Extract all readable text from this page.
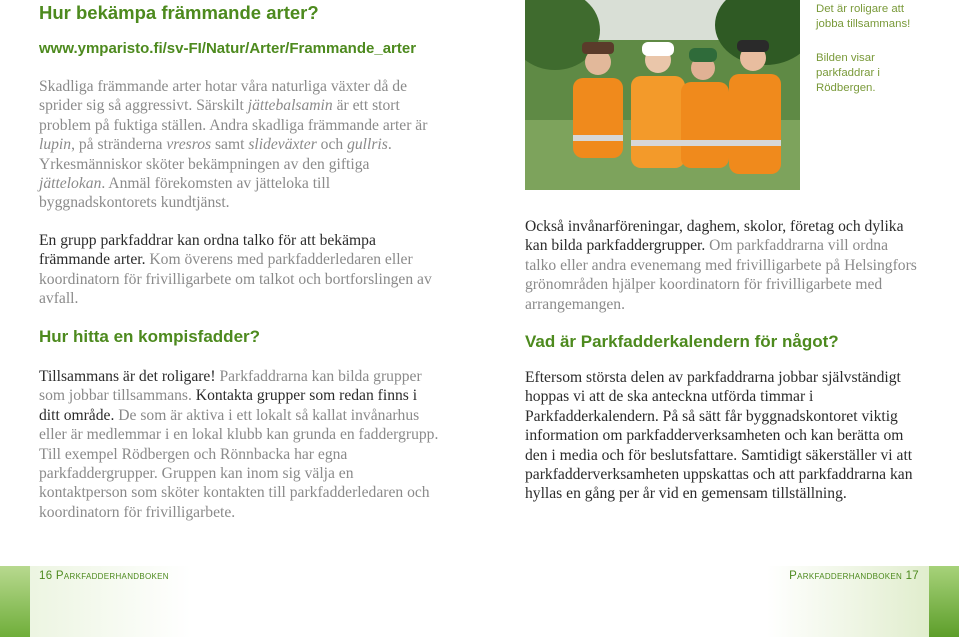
Hur bekämpa främmande arter?
www.ymparisto.fi/sv-FI/Natur/Arter/Frammande_arter

Skadliga främmande arter hotar våra naturliga växter då de sprider sig så aggressivt. Särskilt jättebalsamin är ett stort problem på fuktiga ställen. Andra skadliga främmande arter är lupin, på stränderna vresros samt slideväxter och gullris. Yrkesmänniskor sköter bekämpningen av den giftiga jättelokan. Anmäl förekomsten av jätteloka till byggnadskontorets kundtjänst.

En grupp parkfaddrar kan ordna talko för att bekämpa främmande arter. Kom överens med parkfadderledaren eller koordinatorn för frivilligarbete om talkot och bortforslingen av avfall.

Hur hitta en kompisfadder?

Tillsammans är det roligare! Parkfaddrarna kan bilda grupper som jobbar tillsammans. Kontakta grupper som redan finns i ditt område. De som är aktiva i ett lokalt så kallat invånarhus eller är medlemmar i en lokal klubb kan grunda en faddergrupp. Till exempel Rödbergen och Rönnbacka har egna parkfaddergrupper. Gruppen kan inom sig välja en kontaktperson som sköter kontakten till parkfadderledaren och koordinatorn för frivilligarbete.

Det är roligare att jobba tillsammans!

Bilden visar parkfaddrar i Rödbergen.

Också invånarföreningar, daghem, skolor, företag och dylika kan bilda parkfaddergrupper. Om parkfaddrarna vill ordna talko eller andra evenemang med frivilligarbete på Helsingfors grönområden hjälper koordinatorn för frivilligarbete med arrangemangen.

Vad är Parkfadderkalendern för något?

Eftersom största delen av parkfaddrarna jobbar självständigt hoppas vi att de ska anteckna utförda timmar i Parkfadderkalendern. På så sätt får byggnadskontoret viktig information om parkfadderverksamheten och kan berätta om den i media och för beslutsfattare. Samtidigt säkerställer vi att parkfadderverksamheten uppskattas och att parkfaddrarna kan hyllas en gång per år vid en gemensam tillställning.

16 Parkfadderhandboken	Parkfadderhandboken 17
